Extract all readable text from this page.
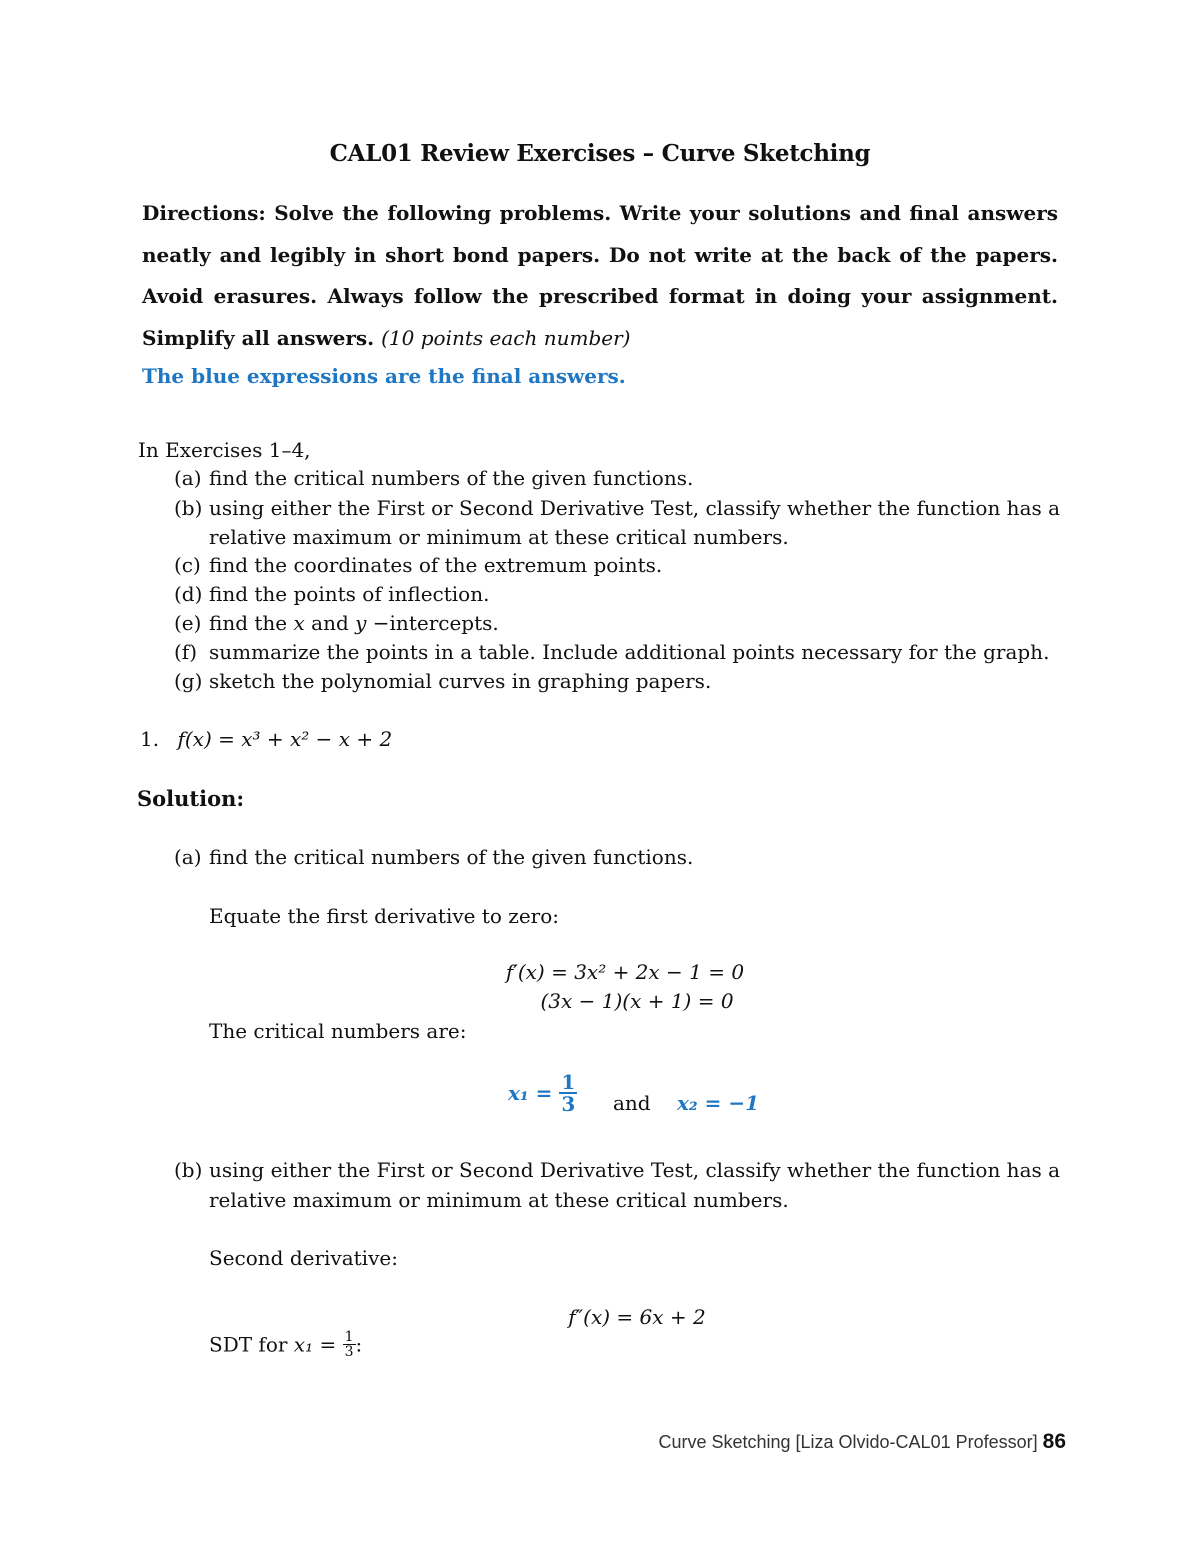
CAL01 Review Exercises – Curve Sketching
Directions: Solve the following problems. Write your solutions and final answers neatly and legibly in short bond papers. Do not write at the back of the papers. Avoid erasures. Always follow the prescribed format in doing your assignment. Simplify all answers. (10 points each number)
The blue expressions are the final answers.
In Exercises 1–4,
(a) find the critical numbers of the given functions.
(b) using either the First or Second Derivative Test, classify whether the function has a
relative maximum or minimum at these critical numbers.
(c) find the coordinates of the extremum points.
(d) find the points of inflection.
(e) find the x and y −intercepts.
(f) summarize the points in a table. Include additional points necessary for the graph.
(g) sketch the polynomial curves in graphing papers.
1. f(x) = x³ + x² − x + 2
Solution:
(a) find the critical numbers of the given functions.
Equate the first derivative to zero:
f′(x) = 3x² + 2x − 1 = 0
(3x − 1)(x + 1) = 0
The critical numbers are:
$x_1 = \frac{1}{3}$ and x₂ = −1
(b) using either the First or Second Derivative Test, classify whether the function has a
relative maximum or minimum at these critical numbers.
Second derivative:
f″(x) = 6x + 2
SDT for $x_1 = \frac{1}{3}$ :
Curve Sketching [Liza Olvido-CAL01 Professor] 86
